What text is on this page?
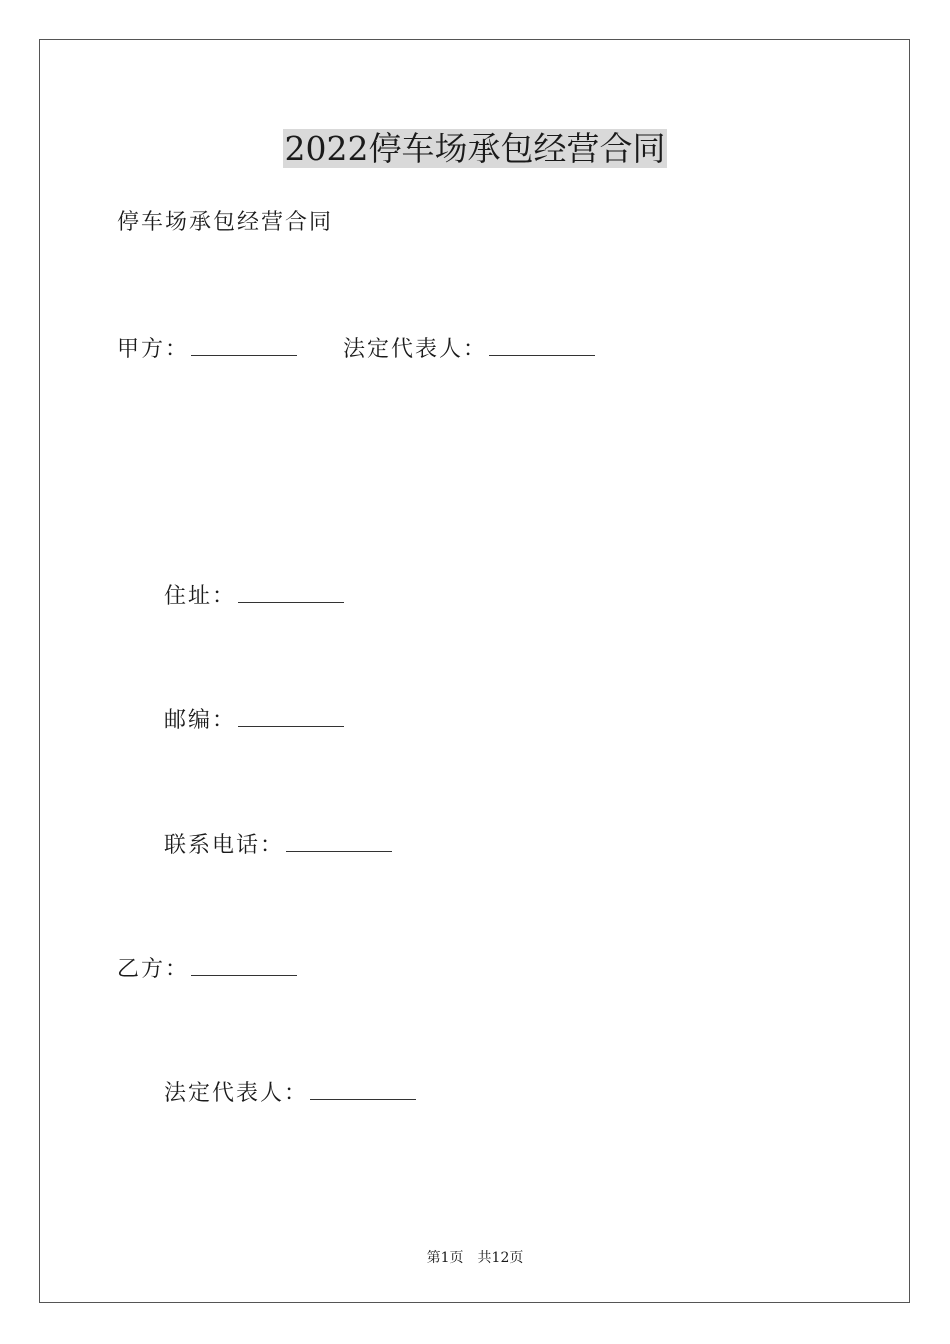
2022停车场承包经营合同
停车场承包经营合同
甲方：	法定代表人：
住址：
邮编：
联系电话：
乙方：
法定代表人：
第1页 共12页
